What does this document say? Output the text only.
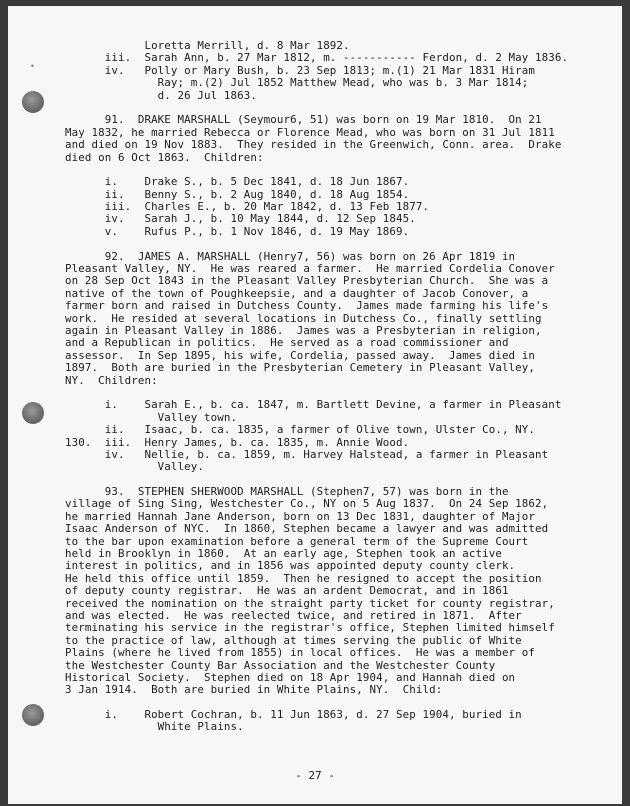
•
Loretta Merrill, d. 8 Mar 1892.
iii.  Sarah Ann, b. 27 Mar 1812, m. ----------- Ferdon, d. 2 May 1836.
iv.   Polly or Mary Bush, b. 23 Sep 1813; m.(1) 21 Mar 1831 Hiram
Ray; m.(2) Jul 1852 Matthew Mead, who was b. 3 Mar 1814;
d. 26 Jul 1863.
91.  DRAKE MARSHALL (Seymour6, 51) was born on 19 Mar 1810.  On 21
May 1832, he married Rebecca or Florence Mead, who was born on 31 Jul 1811
and died on 19 Nov 1883.  They resided in the Greenwich, Conn. area.  Drake
died on 6 Oct 1863.  Children:
i.    Drake S., b. 5 Dec 1841, d. 18 Jun 1867.
ii.   Benny S., b. 2 Aug 1840, d. 18 Aug 1854.
iii.  Charles E., b. 20 Mar 1842, d. 13 Feb 1877.
iv.   Sarah J., b. 10 May 1844, d. 12 Sep 1845.
v.    Rufus P., b. 1 Nov 1846, d. 19 May 1869.
92.  JAMES A. MARSHALL (Henry7, 56) was born on 26 Apr 1819 in
Pleasant Valley, NY.  He was reared a farmer.  He married Cordelia Conover
on 28 Sep Oct 1843 in the Pleasant Valley Presbyterian Church.  She was a
native of the town of Poughkeepsie, and a daughter of Jacob Conover, a
farmer born and raised in Dutchess County.  James made farming his life's
work.  He resided at several locations in Dutchess Co., finally settling
again in Pleasant Valley in 1886.  James was a Presbyterian in religion,
and a Republican in politics.  He served as a road commissioner and
assessor.  In Sep 1895, his wife, Cordelia, passed away.  James died in
1897.  Both are buried in the Presbyterian Cemetery in Pleasant Valley,
NY.  Children:
i.    Sarah E., b. ca. 1847, m. Bartlett Devine, a farmer in Pleasant
Valley town.
ii.   Isaac, b. ca. 1835, a farmer of Olive town, Ulster Co., NY.
130.  iii.  Henry James, b. ca. 1835, m. Annie Wood.
iv.   Nellie, b. ca. 1859, m. Harvey Halstead, a farmer in Pleasant
Valley.
93.  STEPHEN SHERWOOD MARSHALL (Stephen7, 57) was born in the
village of Sing Sing, Westchester Co., NY on 5 Aug 1837.  On 24 Sep 1862,
he married Hannah Jane Anderson, born on 13 Dec 1831, daughter of Major
Isaac Anderson of NYC.  In 1860, Stephen became a lawyer and was admitted
to the bar upon examination before a general term of the Supreme Court
held in Brooklyn in 1860.  At an early age, Stephen took an active
interest in politics, and in 1856 was appointed deputy county clerk.
He held this office until 1859.  Then he resigned to accept the position
of deputy county registrar.  He was an ardent Democrat, and in 1861
received the nomination on the straight party ticket for county registrar,
and was elected.  He was reelected twice, and retired in 1871.  After
terminating his service in the registrar's office, Stephen limited himself
to the practice of law, although at times serving the public of White
Plains (where he lived from 1855) in local offices.  He was a member of
the Westchester County Bar Association and the Westchester County
Historical Society.  Stephen died on 18 Apr 1904, and Hannah died on
3 Jan 1914.  Both are buried in White Plains, NY.  Child:
i.    Robert Cochran, b. 11 Jun 1863, d. 27 Sep 1904, buried in
White Plains.
- 27 -
